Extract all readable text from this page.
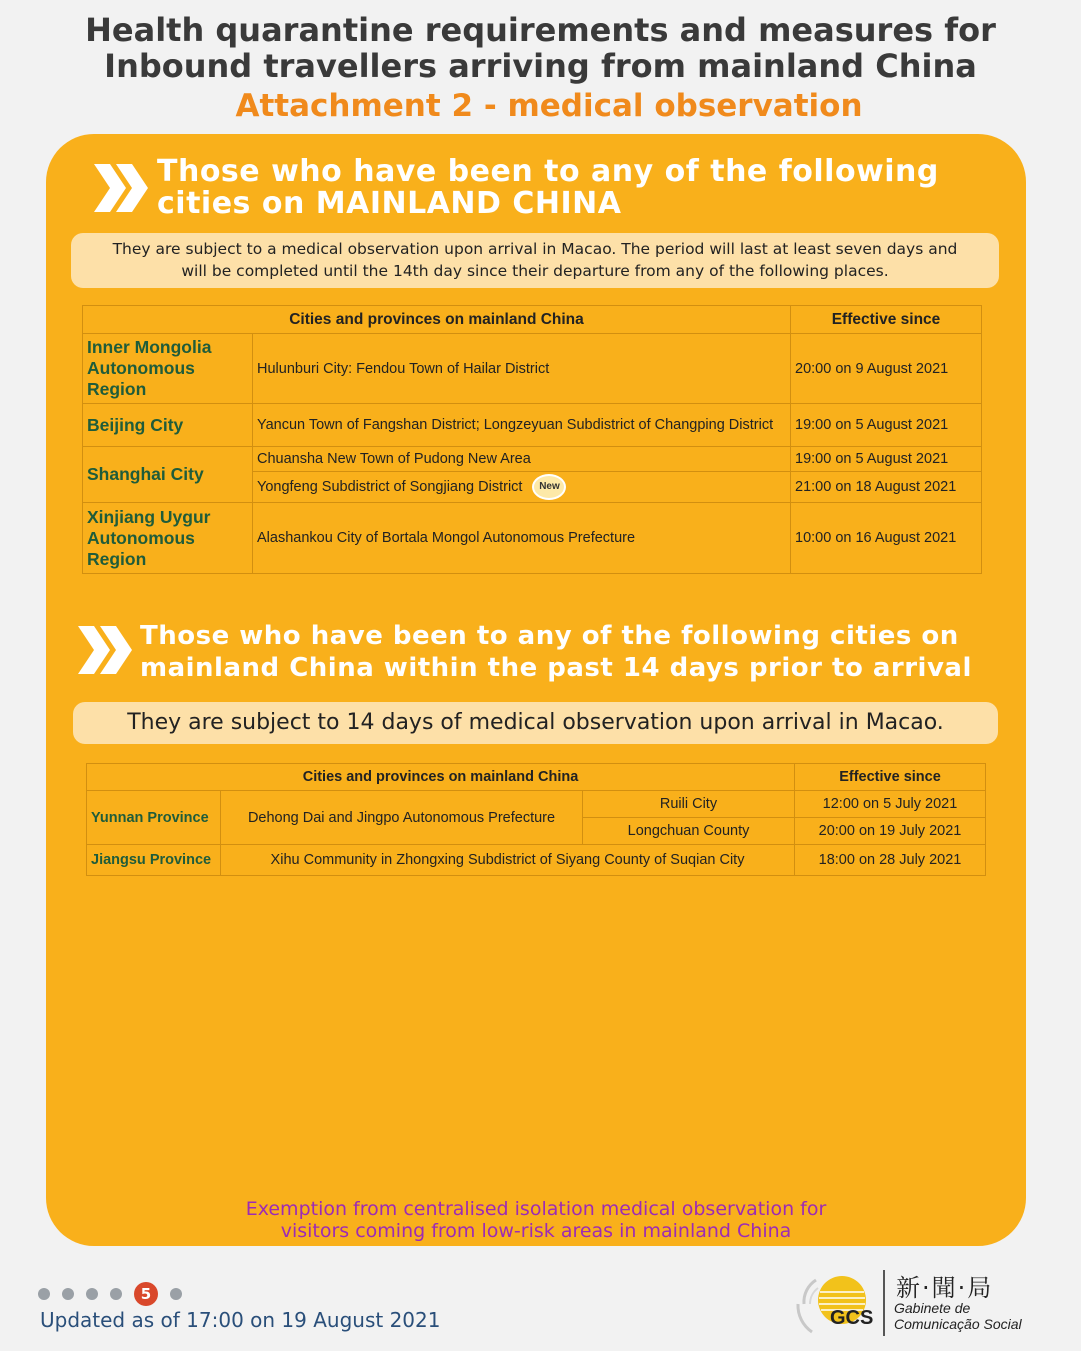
Health quarantine requirements and measures for
Inbound travellers arriving from mainland China
Attachment 2 - medical observation
Those who have been to any of the following
cities on MAINLAND CHINA
They are subject to a medical observation upon arrival in Macao. The period will last at least seven days and
will be completed until the 14th day since their departure from any of the following places.
Cities and provinces on mainland China		Effective since
Inner Mongolia Autonomous Region	Hulunburi City: Fendou Town of Hailar District	20:00 on 9 August 2021
Beijing City	Yancun Town of Fangshan District; Longzeyuan Subdistrict of Changping District	19:00 on 5 August 2021
Shanghai City	Chuansha New Town of Pudong New Area	19:00 on 5 August 2021
	Yongfeng Subdistrict of Songjiang District New	21:00 on 18 August 2021
Xinjiang Uygur Autonomous Region	Alashankou City of Bortala Mongol Autonomous Prefecture	10:00 on 16 August 2021
Those who have been to any of the following cities on
mainland China within the past 14 days prior to arrival
They are subject to 14 days of medical observation upon arrival in Macao.
Cities and provinces on mainland China			Effective since
Yunnan Province	Dehong Dai and Jingpo Autonomous Prefecture	Ruili City	12:00 on 5 July 2021
		Longchuan County	20:00 on 19 July 2021
Jiangsu Province	Xihu Community in Zhongxing Subdistrict of Siyang County of Suqian City		18:00 on 28 July 2021
Exemption from centralised isolation medical observation for
visitors coming from low-risk areas in mainland China
5
Updated as of 17:00 on 19 August 2021	GCS
新·聞·局
Gabinete de
Comunicação Social
